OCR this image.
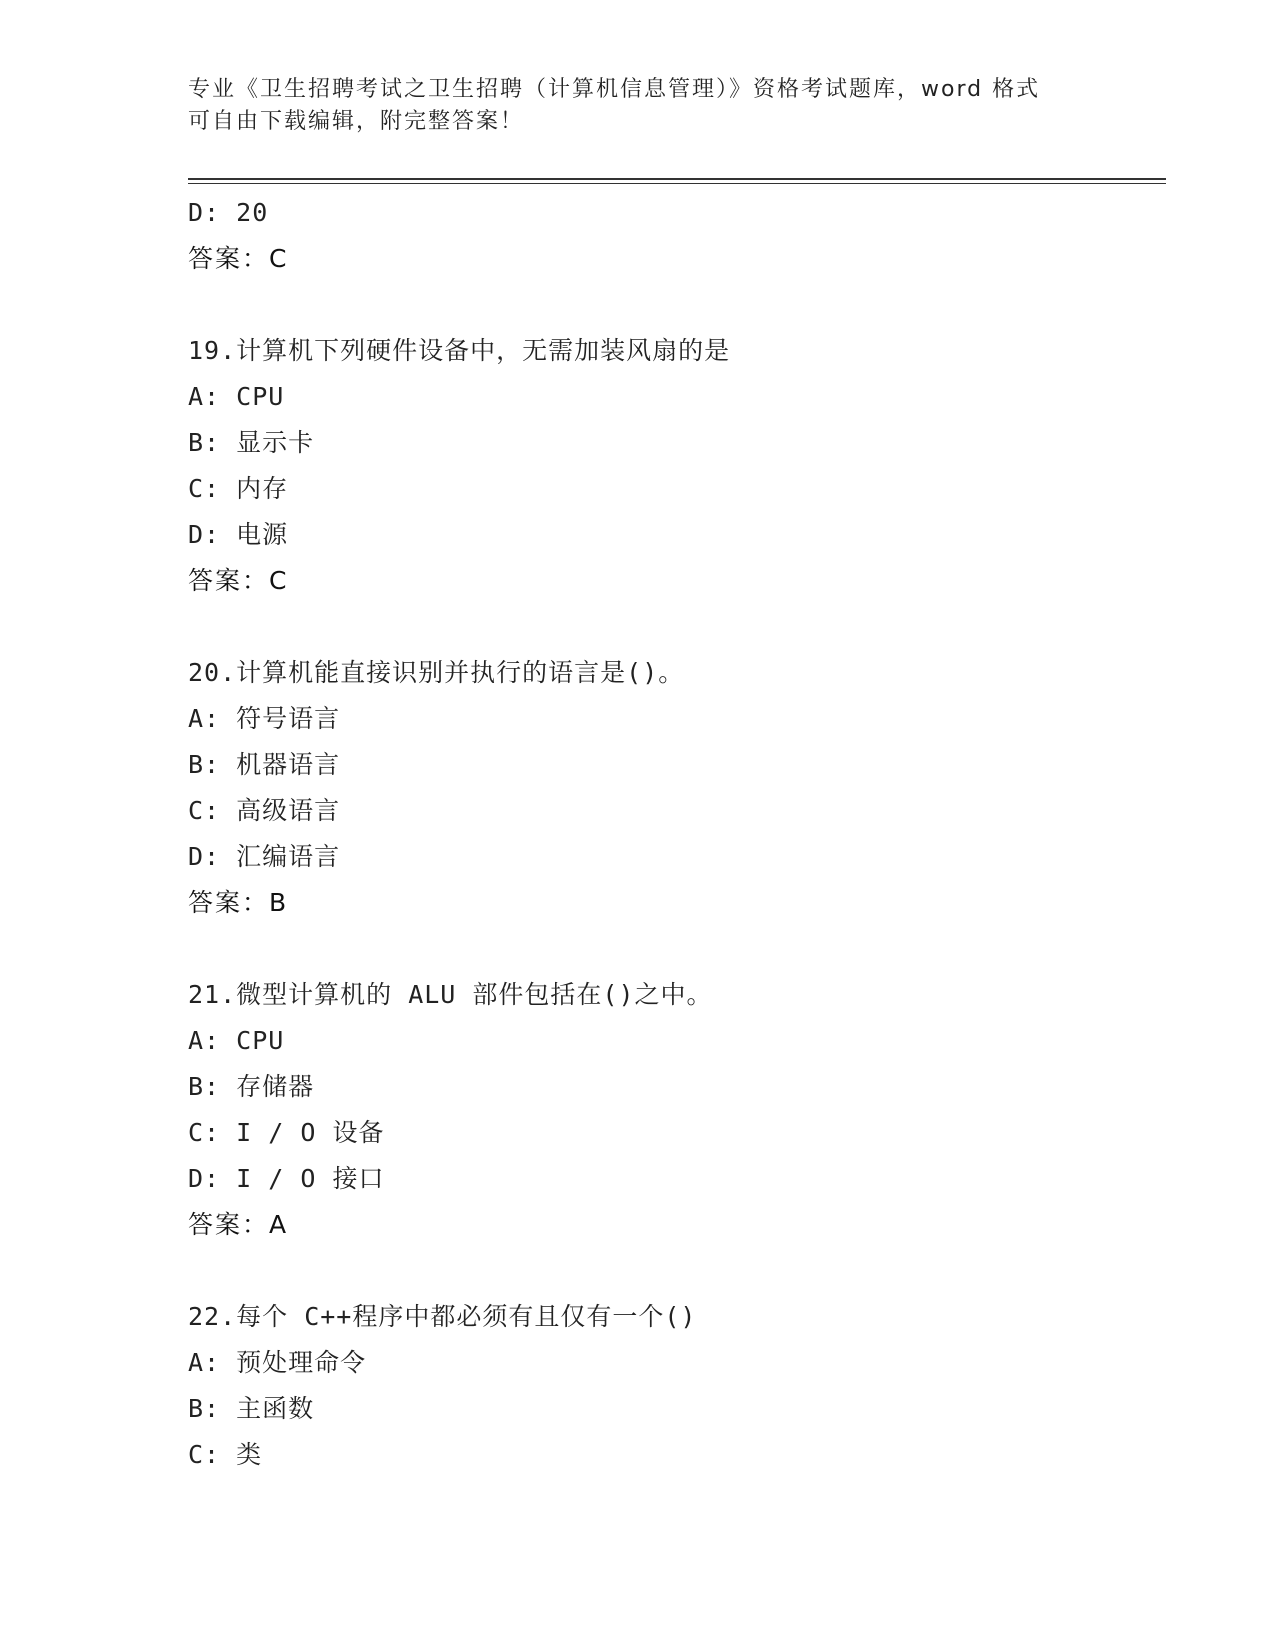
专业《卫生招聘考试之卫生招聘（计算机信息管理）》资格考试题库，word 格式
可自由下载编辑，附完整答案！
D: 20
答案：C
19.计算机下列硬件设备中，无需加装风扇的是
A: CPU
B: 显示卡
C: 内存
D: 电源
答案：C
20.计算机能直接识别并执行的语言是()。
A: 符号语言
B: 机器语言
C: 高级语言
D: 汇编语言
答案：B
21.微型计算机的 ALU 部件包括在()之中。
A: CPU
B: 存储器
C: I / O 设备
D: I / O 接口
答案：A
22.每个 C++程序中都必须有且仅有一个()
A: 预处理命令
B: 主函数
C: 类
